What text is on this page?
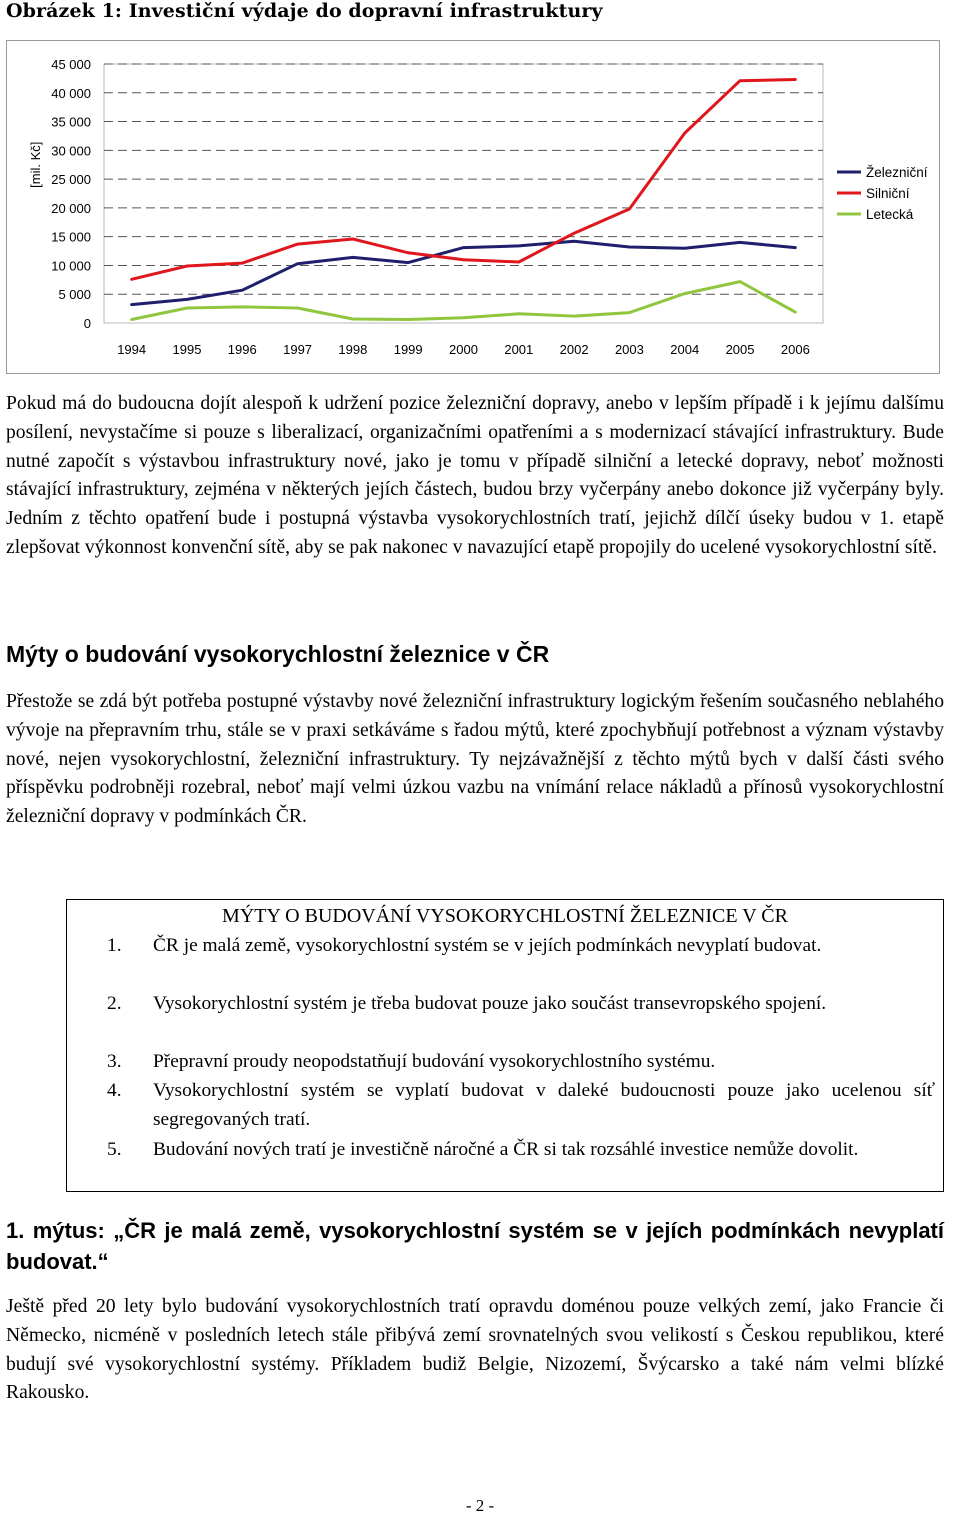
Obrázek 1: Investiční výdaje do dopravní infrastruktury
0
5 000
10 000
15 000
20 000
25 000
30 000
35 000
40 000
45 000
1994 1995 1996 1997 1998 1999 2000 2001 2002 2003 2004 2005 2006
[mil. Kč]	Železniční
Silniční
Letecká

Pokud má do budoucna dojít alespoň k udržení pozice železniční dopravy, anebo v lepším případě i k jejímu dalšímu posílení, nevystačíme si pouze s liberalizací, organizačními opatřeními a s modernizací stávající infrastruktury. Bude nutné započít s výstavbou infrastruktury nové, jako je tomu v případě silniční a letecké dopravy, neboť možnosti stávající infrastruktury, zejména v některých jejích částech, budou brzy vyčerpány anebo dokonce již vyčerpány byly. Jedním z těchto opatření bude i postupná výstavba vysokorychlostních tratí, jejichž dílčí úseky budou v 1. etapě zlepšovat výkonnost konvenční sítě, aby se pak nakonec v navazující etapě propojily do ucelené vysokorychlostní sítě.

Mýty o budování vysokorychlostní železnice v ČR

Přestože se zdá být potřeba postupné výstavby nové železniční infrastruktury logickým řešením současného neblahého vývoje na přepravním trhu, stále se v praxi setkáváme s řadou mýtů, které zpochybňují potřebnost a význam výstavby nové, nejen vysokorychlostní, železniční infrastruktury. Ty nejzávažnější z těchto mýtů bych v další části svého příspěvku podrobněji rozebral, neboť mají velmi úzkou vazbu na vnímání relace nákladů a přínosů vysokorychlostní železniční dopravy v podmínkách ČR.

MÝTY O BUDOVÁNÍ VYSOKORYCHLOSTNÍ ŽELEZNICE V ČR
1.	ČR je malá země, vysokorychlostní systém se v jejích podmínkách nevyplatí budovat.
2.	Vysokorychlostní systém je třeba budovat pouze jako součást transevropského spojení.
3.	Přepravní proudy neopodstatňují budování vysokorychlostního systému.
4.	Vysokorychlostní systém se vyplatí budovat v daleké budoucnosti pouze jako ucelenou síť segregovaných tratí.
5.	Budování nových tratí je investičně náročné a ČR si tak rozsáhlé investice nemůže dovolit.
1. mýtus: „ČR je malá země, vysokorychlostní systém se v jejích podmínkách nevyplatí budovat.“

Ještě před 20 lety bylo budování vysokorychlostních tratí opravdu doménou pouze velkých zemí, jako Francie či Německo, nicméně v posledních letech stále přibývá zemí srovnatelných svou velikostí s Českou republikou, které budují své vysokorychlostní systémy. Příkladem budiž Belgie, Nizozemí, Švýcarsko a také nám velmi blízké Rakousko.

- 2 -
